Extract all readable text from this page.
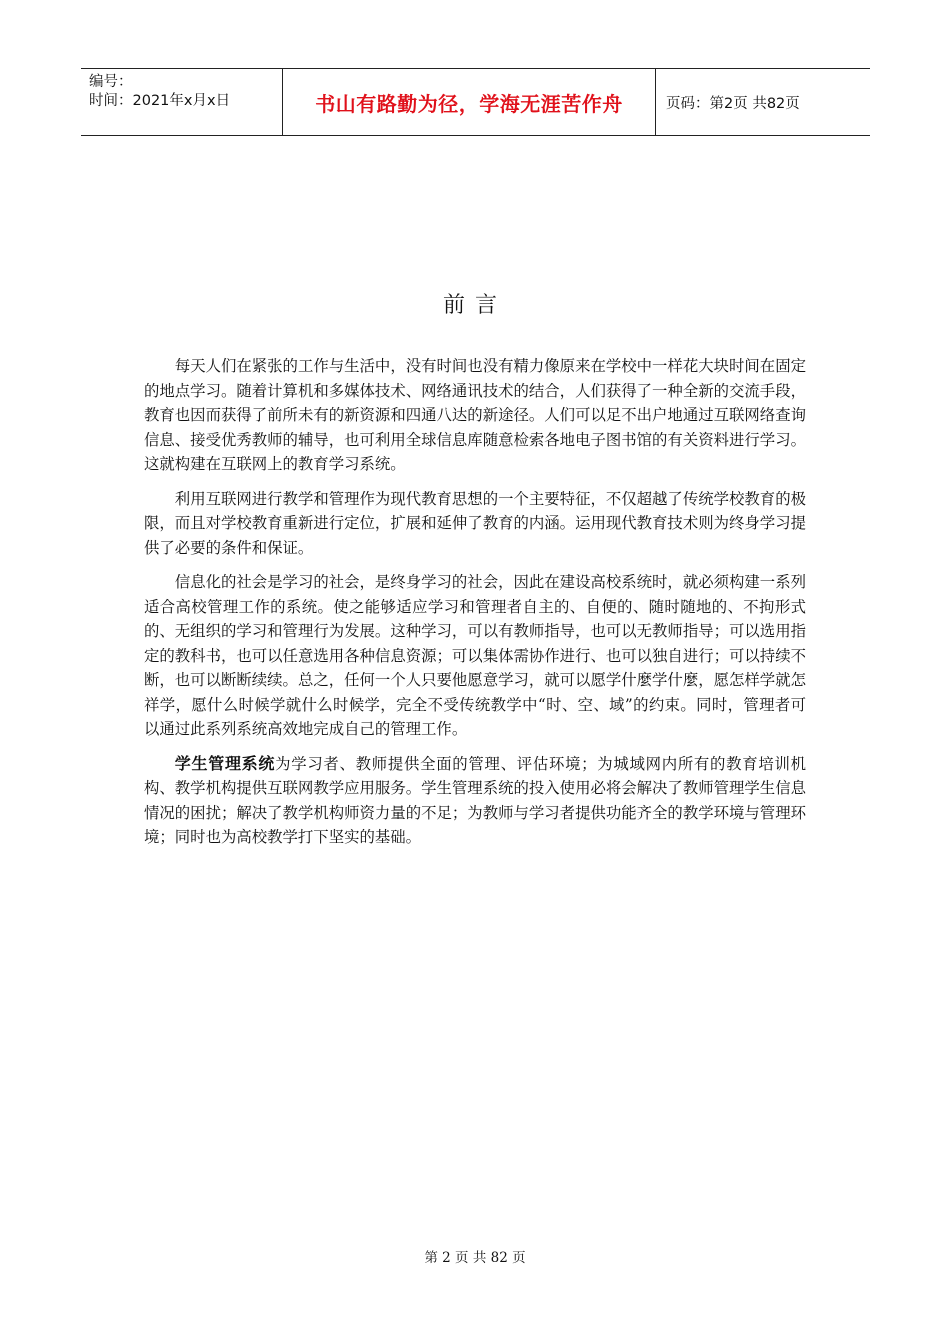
编号：
时间：2021年x月x日	书山有路勤为径，学海无涯苦作舟	页码：第2页 共82页
前言

每天人们在紧张的工作与生活中，没有时间也没有精力像原来在学校中一样花大块时间在固定的地点学习。随着计算机和多媒体技术、网络通讯技术的结合，人们获得了一种全新的交流手段，教育也因而获得了前所未有的新资源和四通八达的新途径。人们可以足不出户地通过互联网络查询信息、接受优秀教师的辅导，也可利用全球信息库随意检索各地电子图书馆的有关资料进行学习。这就构建在互联网上的教育学习系统。

利用互联网进行教学和管理作为现代教育思想的一个主要特征，不仅超越了传统学校教育的极限，而且对学校教育重新进行定位，扩展和延伸了教育的内涵。运用现代教育技术则为终身学习提供了必要的条件和保证。

信息化的社会是学习的社会，是终身学习的社会，因此在建设高校系统时，就必须构建一系列适合高校管理工作的系统。使之能够适应学习和管理者自主的、自便的、随时随地的、不拘形式的、无组织的学习和管理行为发展。这种学习，可以有教师指导，也可以无教师指导；可以选用指定的教科书，也可以任意选用各种信息资源；可以集体需协作进行、也可以独自进行；可以持续不断，也可以断断续续。总之，任何一个人只要他愿意学习，就可以愿学什麼学什麼，愿怎样学就怎祥学，愿什么时候学就什么时候学，完全不受传统教学中“时、空、域”的约束。同时，管理者可以通过此系列系统高效地完成自己的管理工作。

学生管理系统为学习者、教师提供全面的管理、评估环境；为城域网内所有的教育培训机构、教学机构提供互联网教学应用服务。学生管理系统的投入使用必将会解决了教师管理学生信息情况的困扰；解决了教学机构师资力量的不足；为教师与学习者提供功能齐全的教学环境与管理环境；同时也为高校教学打下坚实的基础。

第 2 页 共 82 页
